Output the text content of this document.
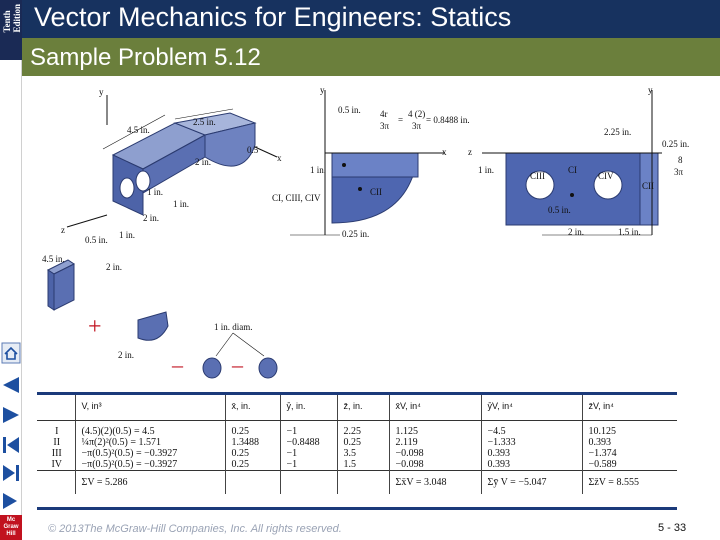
Tenth
Edition
Mc
Graw
Hill
Vector Mechanics for Engineers: Statics
Sample Problem 5.12
4.5 in.
2.5 in.
0.5
2 in.
1 in.
1 in.
2 in.
0.5 in. 1 in.
y
z
x
y
0.5 in. 4r
3π
=
4 (2)
3π
= 0.8488 in.
x
1 in.
CII
CI, CIII, CIV
0.25 in.
y
2.25 in.
0.25 in.
8
3π
z
1 in.
CIII
CI
CIV
CII
0.5 in.
2 in.	1.5 in.
4.5 in.
2 in.
+	1 in. diam.
2 in. – –
	V, in³	x̄, in.	ȳ, in.	z̄, in.	x̄V, in⁴	ȳV, in⁴	z̄V, in⁴
I	(4.5)(2)(0.5) = 4.5	0.25	−1	2.25	1.125	−4.5	10.125
II	¼π(2)²(0.5) = 1.571	1.3488	−0.8488	0.25	2.119	−1.333	0.393
III	−π(0.5)²(0.5) = −0.3927	0.25	−1	3.5	−0.098	0.393	−1.374
IV	−π(0.5)²(0.5) = −0.3927	0.25	−1	1.5	−0.098	0.393	−0.589
	ΣV = 5.286				Σx̄V = 3.048	Σȳ V = −5.047	Σz̄V = 8.555
© 2013The McGraw-Hill Companies, Inc. All rights reserved.	5 - 33
